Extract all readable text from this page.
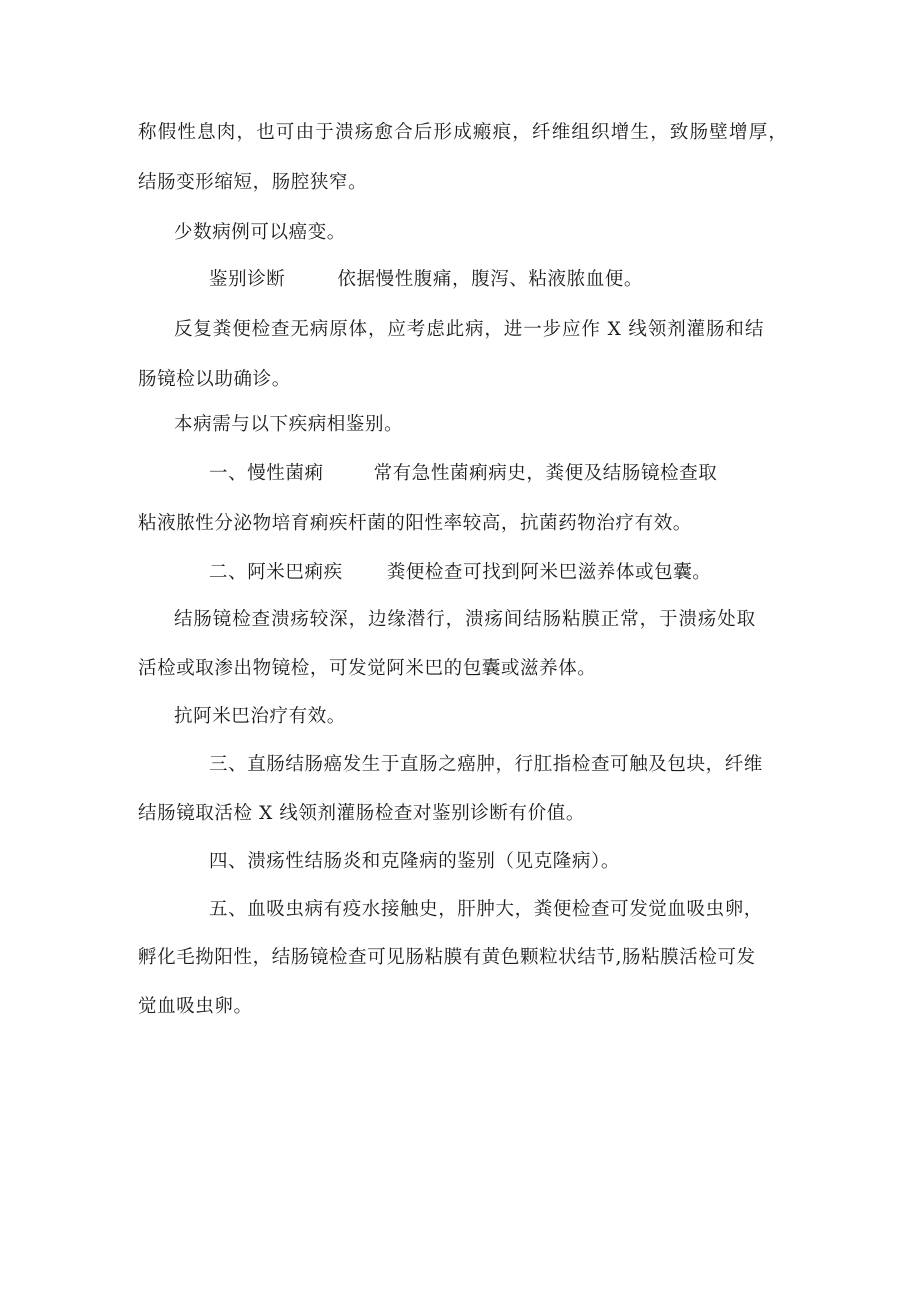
称假性息肉，也可由于溃疡愈合后形成瘢痕，纤维组织增生，致肠壁增厚，

结肠变形缩短，肠腔狭窄。

少数病例可以癌变。

鉴别诊断	依据慢性腹痛，腹泻、粘液脓血便。

反复粪便检查无病原体，应考虑此病，进一步应作 X 线领剂灌肠和结

肠镜检以助确诊。

本病需与以下疾病相鉴别。

一、慢性菌痢	常有急性菌痢病史，粪便及结肠镜检查取

粘液脓性分泌物培育痢疾杆菌的阳性率较高，抗菌药物治疗有效。

二、阿米巴痢疾 粪便检查可找到阿米巴滋养体或包囊。

结肠镜检查溃疡较深，边缘潜行，溃疡间结肠粘膜正常，于溃疡处取

活检或取渗出物镜检，可发觉阿米巴的包囊或滋养体。

抗阿米巴治疗有效。

三、直肠结肠癌发生于直肠之癌肿，行肛指检查可触及包块，纤维

结肠镜取活检 X 线领剂灌肠检查对鉴别诊断有价值。

四、溃疡性结肠炎和克隆病的鉴别（见克隆病）。

五、血吸虫病有疫水接触史，肝肿大，粪便检查可发觉血吸虫卵，

孵化毛拗阳性，结肠镜检查可见肠粘膜有黄色颗粒状结节,肠粘膜活检可发

觉血吸虫卵。
